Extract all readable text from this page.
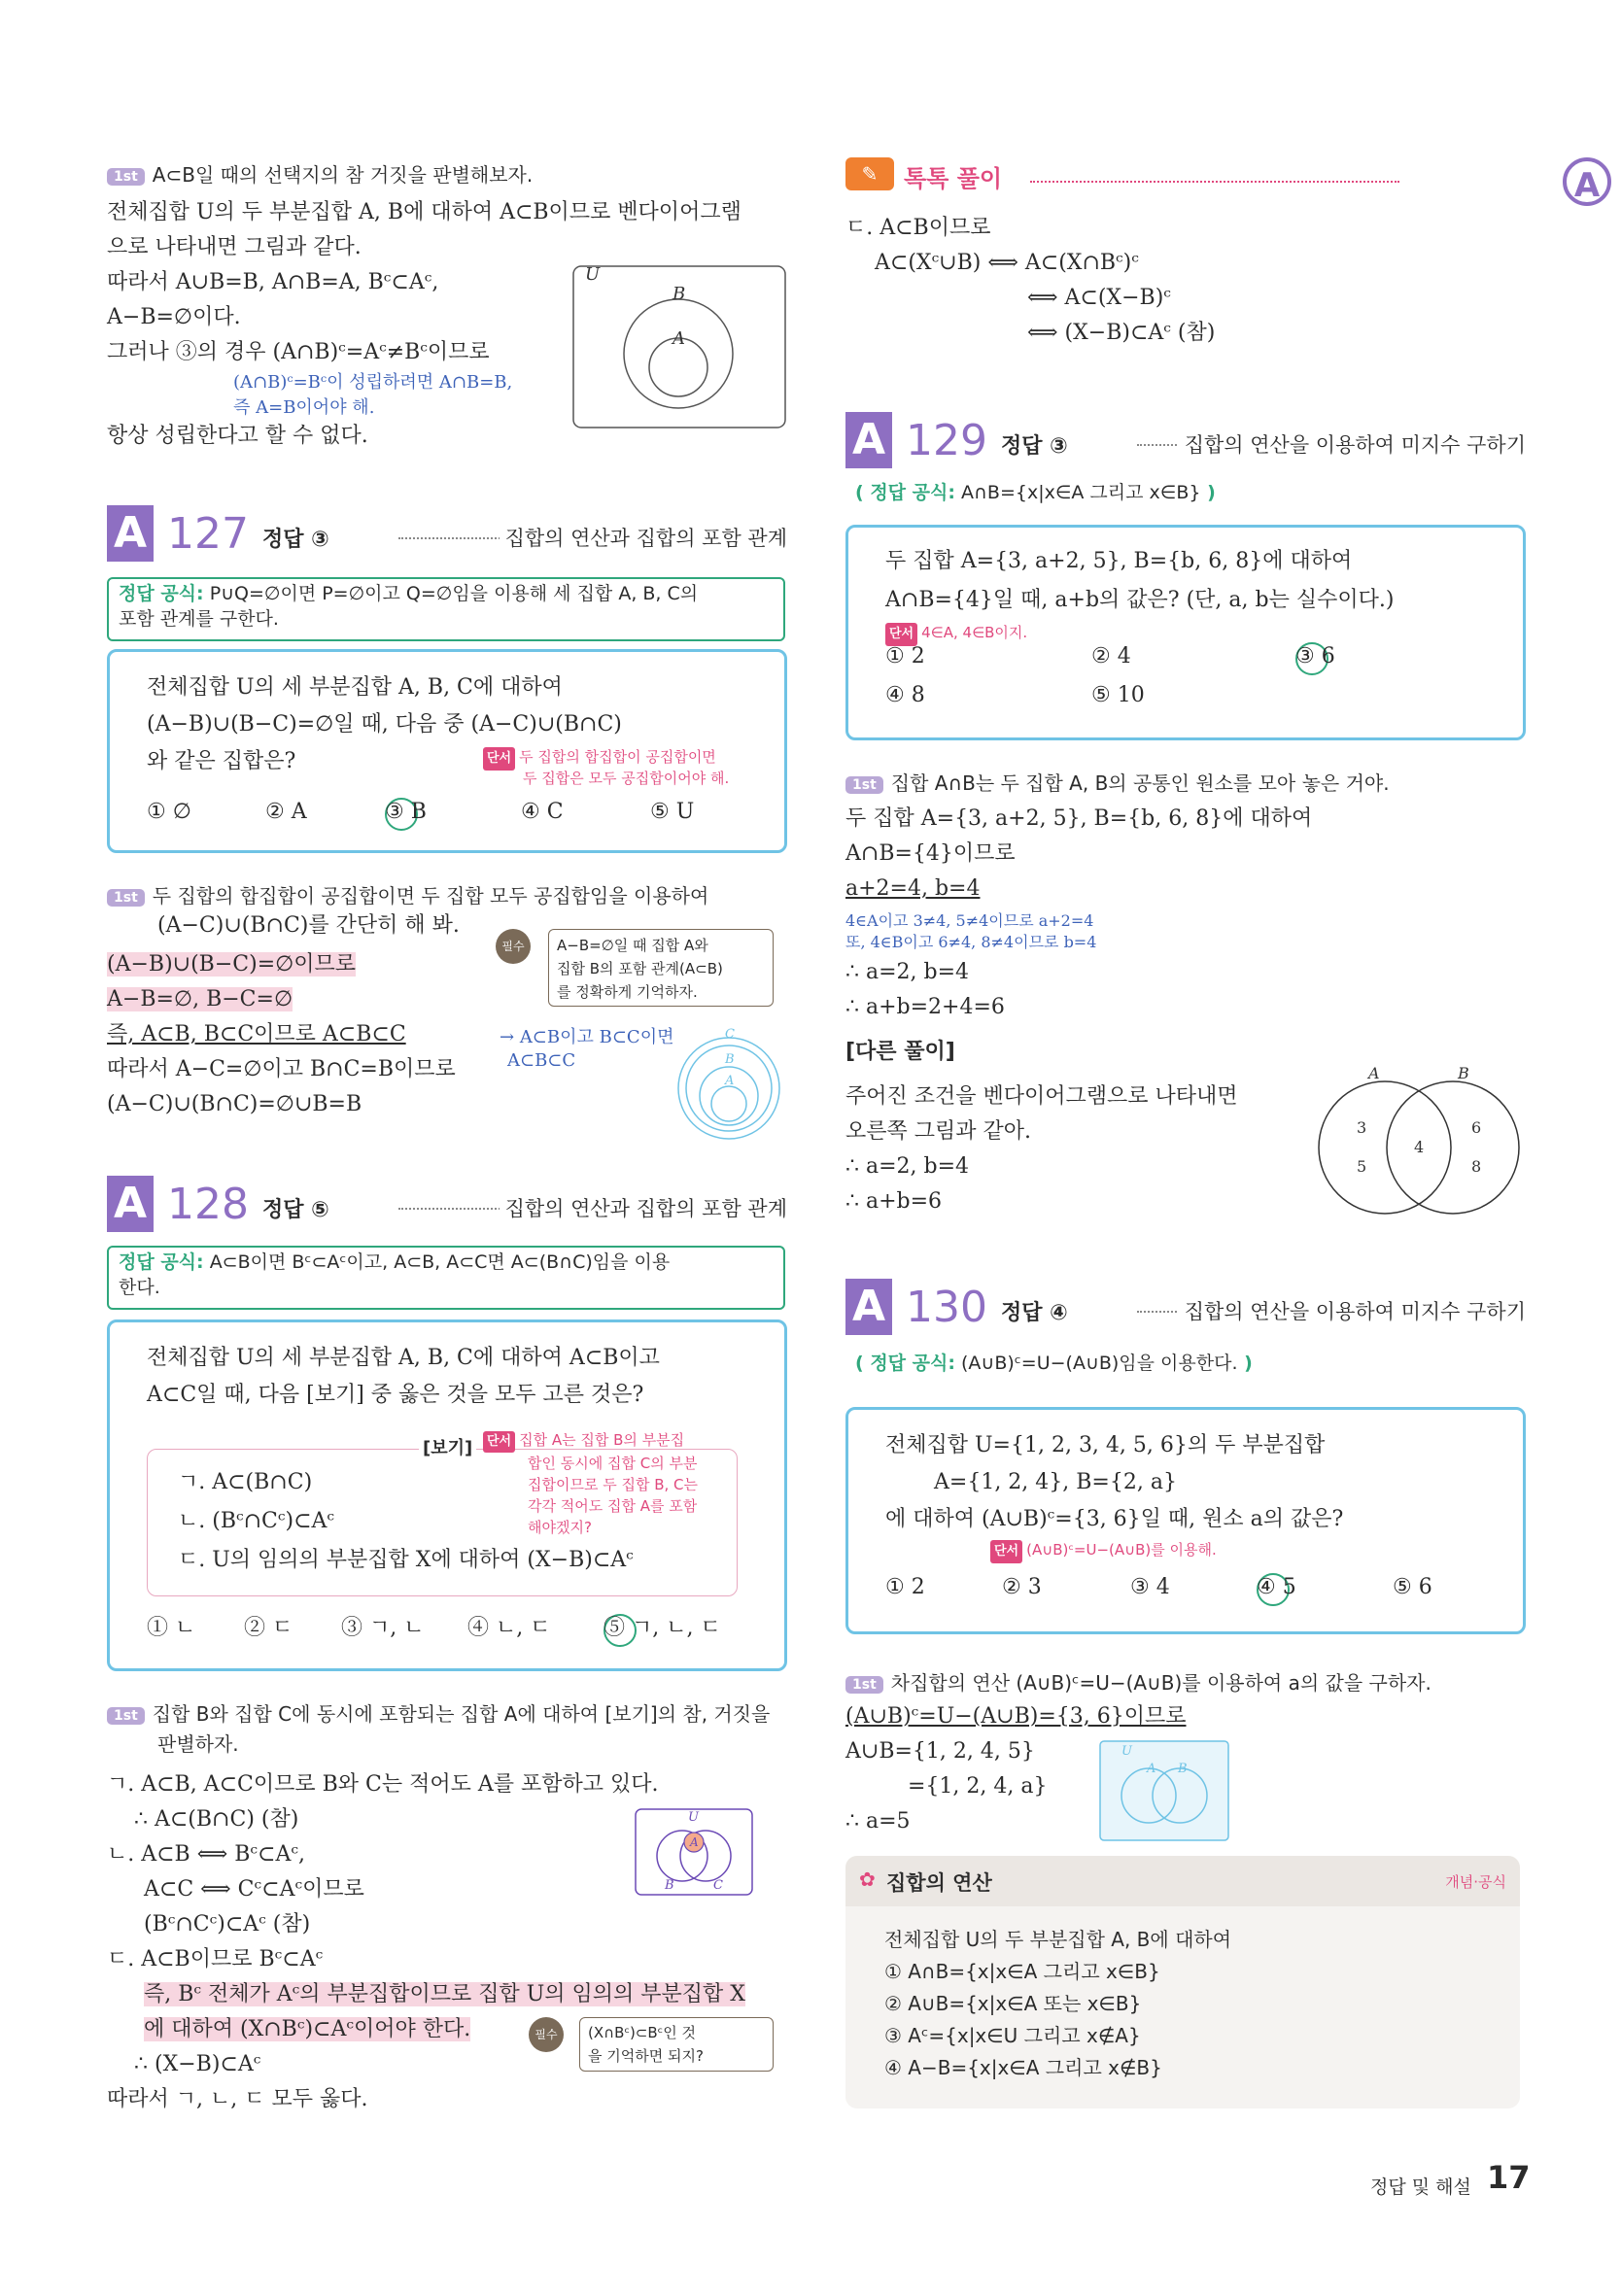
1st A⊂B일 때의 선택지의 참 거짓을 판별해보자.
전체집합 U의 두 부분집합 A, B에 대하여 A⊂B이므로 벤다이어그램
으로 나타내면 그림과 같다.
따라서 A∪B=B, A∩B=A, Bᶜ⊂Aᶜ,
A−B=∅이다.
그러나 ③의 경우 (A∩B)ᶜ=Aᶜ≠Bᶜ이므로
(A∩B)ᶜ=Bᶜ이 성립하려면 A∩B=B,
즉 A=B이어야 해.
항상 성립한다고 할 수 없다.
U
B
A
A 127 정답 ③	집합의 연산과 집합의 포함 관계
정답 공식: P∪Q=∅이면 P=∅이고 Q=∅임을 이용해 세 집합 A, B, C의
포함 관계를 구한다.
전체집합 U의 세 부분집합 A, B, C에 대하여
(A−B)∪(B−C)=∅일 때, 다음 중 (A−C)∪(B∩C)
와 같은 집합은?	단서 두 집합의 합집합이 공집합이면
두 집합은 모두 공집합이어야 해.
① ∅	② A	③ B	④ C	⑤ U
1st 두 집합의 합집합이 공집합이면 두 집합 모두 공집합임을 이용하여
(A−C)∪(B∩C)를 간단히 해 봐.
(A−B)∪(B−C)=∅이므로
A−B=∅, B−C=∅
즉, A⊂B, B⊂C이므로 A⊂B⊂C
따라서 A−C=∅이고 B∩C=B이므로
(A−C)∪(B∩C)=∅∪B=B
→ A⊂B이고 B⊂C이면
A⊂B⊂C
필수	A−B=∅일 때 집합 A와
집합 B의 포함 관계(A⊂B)
를 정확하게 기억하자.
C
B
A
A 128 정답 ⑤	집합의 연산과 집합의 포함 관계
정답 공식: A⊂B이면 Bᶜ⊂Aᶜ이고, A⊂B, A⊂C면 A⊂(B∩C)임을 이용
한다.
전체집합 U의 세 부분집합 A, B, C에 대하여 A⊂B이고
A⊂C일 때, 다음 [보기] 중 옳은 것을 모두 고른 것은?
[보기]
ㄱ. A⊂(B∩C)
ㄴ. (Bᶜ∩Cᶜ)⊂Aᶜ
ㄷ. U의 임의의 부분집합 X에 대하여 (X−B)⊂Aᶜ
단서 집합 A는 집합 B의 부분집
합인 동시에 집합 C의 부분
집합이므로 두 집합 B, C는
각각 적어도 집합 A를 포함
해야겠지?
① ㄴ ② ㄷ ③ ㄱ, ㄴ ④ ㄴ, ㄷ ⑤ ㄱ, ㄴ, ㄷ
1st 집합 B와 집합 C에 동시에 포함되는 집합 A에 대하여 [보기]의 참, 거짓을
판별하자.
ㄱ. A⊂B, A⊂C이므로 B와 C는 적어도 A를 포함하고 있다.
∴ A⊂(B∩C) (참)
ㄴ. A⊂B ⟺ Bᶜ⊂Aᶜ,
A⊂C ⟺ Cᶜ⊂Aᶜ이므로
(Bᶜ∩Cᶜ)⊂Aᶜ (참)
ㄷ. A⊂B이므로 Bᶜ⊂Aᶜ
즉, Bᶜ 전체가 Aᶜ의 부분집합이므로 집합 U의 임의의 부분집합 X
에 대하여 (X∩Bᶜ)⊂Aᶜ이어야 한다.
∴ (X−B)⊂Aᶜ
따라서 ㄱ, ㄴ, ㄷ 모두 옳다.
U
A
B	C
필수	(X∩Bᶜ)⊂Bᶜ인 것
을 기억하면 되지?
✎	톡톡 풀이
ㄷ. A⊂B이므로
A⊂(Xᶜ∪B) ⟺ A⊂(X∩Bᶜ)ᶜ
⟺ A⊂(X−B)ᶜ
⟺ (X−B)⊂Aᶜ (참)
A 129 정답 ③	집합의 연산을 이용하여 미지수 구하기
( 정답 공식: A∩B={x|x∈A 그리고 x∈B} )
두 집합 A={3, a+2, 5}, B={b, 6, 8}에 대하여
A∩B={4}일 때, a+b의 값은? (단, a, b는 실수이다.)
단서 4∈A, 4∈B이지.
① 2	② 4	③ 6
④ 8	⑤ 10
1st 집합 A∩B는 두 집합 A, B의 공통인 원소를 모아 놓은 거야.
두 집합 A={3, a+2, 5}, B={b, 6, 8}에 대하여
A∩B={4}이므로
a+2=4, b=4
4∈A이고 3≠4, 5≠4이므로 a+2=4
또, 4∈B이고 6≠4, 8≠4이므로 b=4
∴ a=2, b=4
∴ a+b=2+4=6
[다른 풀이]
주어진 조건을 벤다이어그램으로 나타내면
오른쪽 그림과 같아.
∴ a=2, b=4
∴ a+b=6
A	B
3
5
4
6
8
A 130 정답 ④	집합의 연산을 이용하여 미지수 구하기
( 정답 공식: (A∪B)ᶜ=U−(A∪B)임을 이용한다. )
전체집합 U={1, 2, 3, 4, 5, 6}의 두 부분집합
A={1, 2, 4}, B={2, a}
에 대하여 (A∪B)ᶜ={3, 6}일 때, 원소 a의 값은?
단서 (A∪B)ᶜ=U−(A∪B)를 이용해.
① 2	② 3	③ 4	④ 5	⑤ 6
1st 차집합의 연산 (A∪B)ᶜ=U−(A∪B)를 이용하여 a의 값을 구하자.
(A∪B)ᶜ=U−(A∪B)={3, 6}이므로
A∪B={1, 2, 4, 5}
={1, 2, 4, a}
∴ a=5
U
A B
✿ 집합의 연산	개념·공식
전체집합 U의 두 부분집합 A, B에 대하여
① A∩B={x|x∈A 그리고 x∈B}
② A∪B={x|x∈A 또는 x∈B}
③ Aᶜ={x|x∈U 그리고 x∉A}
④ A−B={x|x∈A 그리고 x∉B}
A
정답 및 해설 17
